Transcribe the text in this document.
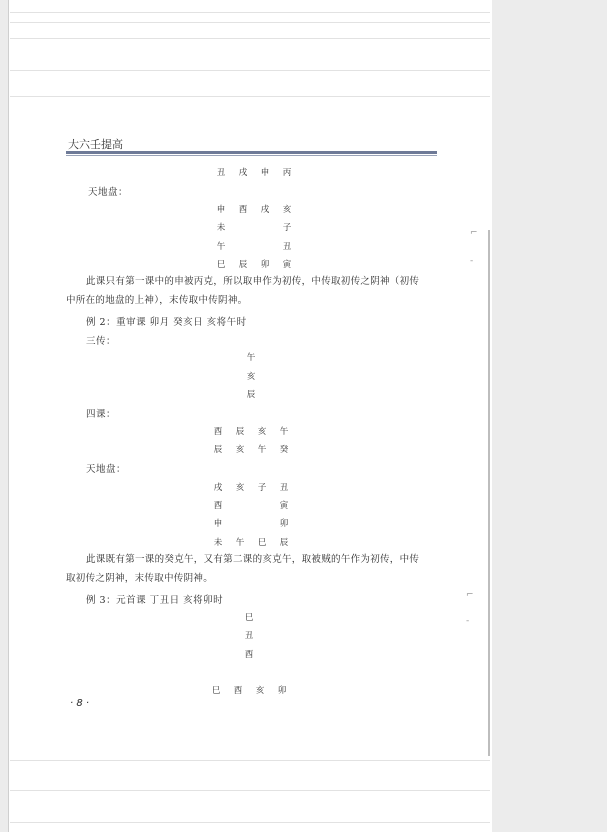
⌐
-
⌐
-
大六壬提高
丑 戌 申 丙
天地盘：
申 酉 戌 亥
未	子
午	丑
巳 辰 卯 寅
此课只有第一课中的申被丙克，所以取申作为初传，中传取初传之阴神（初传
中所在的地盘的上神），末传取中传阴神。
例 2：重审课 卯月 癸亥日 亥将午时
三传：
午
亥
辰
四课：
酉 辰 亥 午
辰 亥 午 癸
天地盘：
戌 亥 子 丑
酉	寅
申	卯
未 午 巳 辰
此课既有第一课的癸克午，又有第二课的亥克午，取被贼的午作为初传，中传
取初传之阴神，末传取中传阴神。
例 3：元首课 丁丑日 亥将卯时
巳
丑
酉
巳 酉 亥 卯
· 8 ·
